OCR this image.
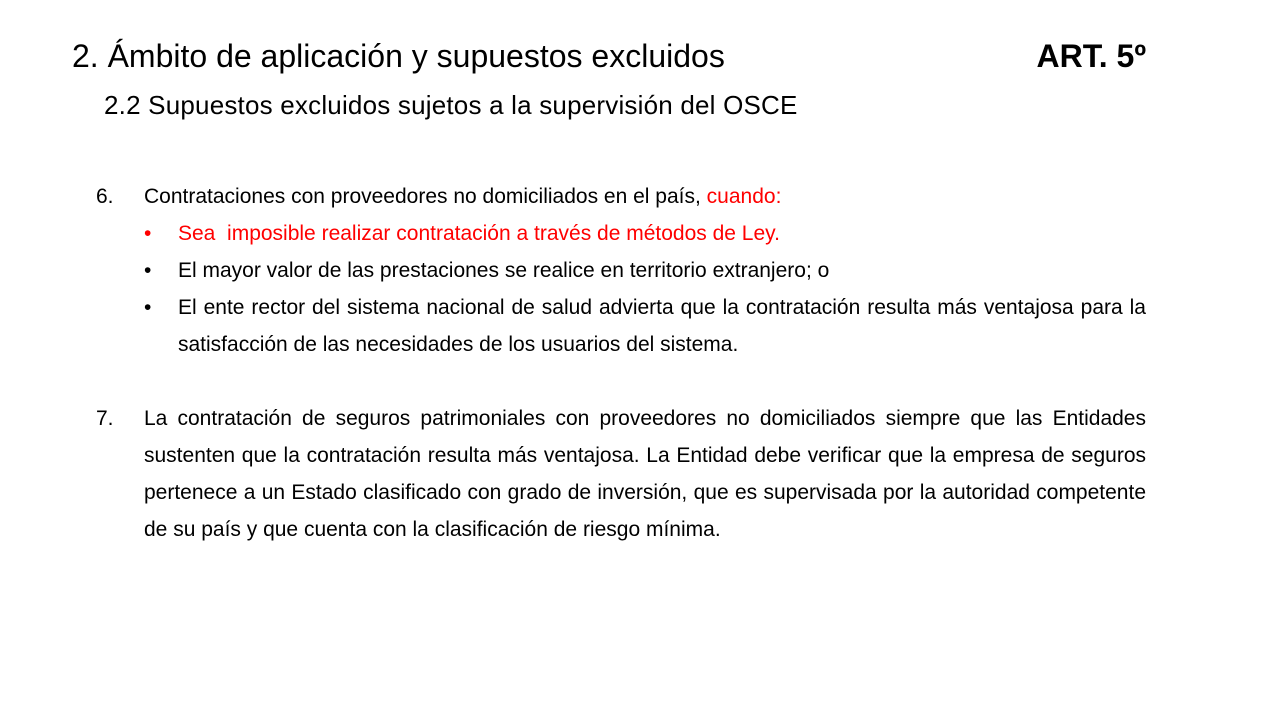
2. Ámbito de aplicación y supuestos excluidos	ART. 5º
2.2 Supuestos excluidos sujetos a la supervisión del OSCE
6.	Contrataciones con proveedores no domiciliados en el país, cuando:
•	Sea  imposible realizar contratación a través de métodos de Ley.
•	El mayor valor de las prestaciones se realice en territorio extranjero; o
•	El ente rector del sistema nacional de salud advierta que la contratación resulta más ventajosa para la satisfacción de las necesidades de los usuarios del sistema.
7.	La contratación de seguros patrimoniales con proveedores no domiciliados siempre que las Entidades sustenten que la contratación resulta más ventajosa. La Entidad debe verificar que la empresa de seguros pertenece a un Estado clasificado con grado de inversión, que es supervisada por la autoridad competente de su país y que cuenta con la clasificación de riesgo mínima.
